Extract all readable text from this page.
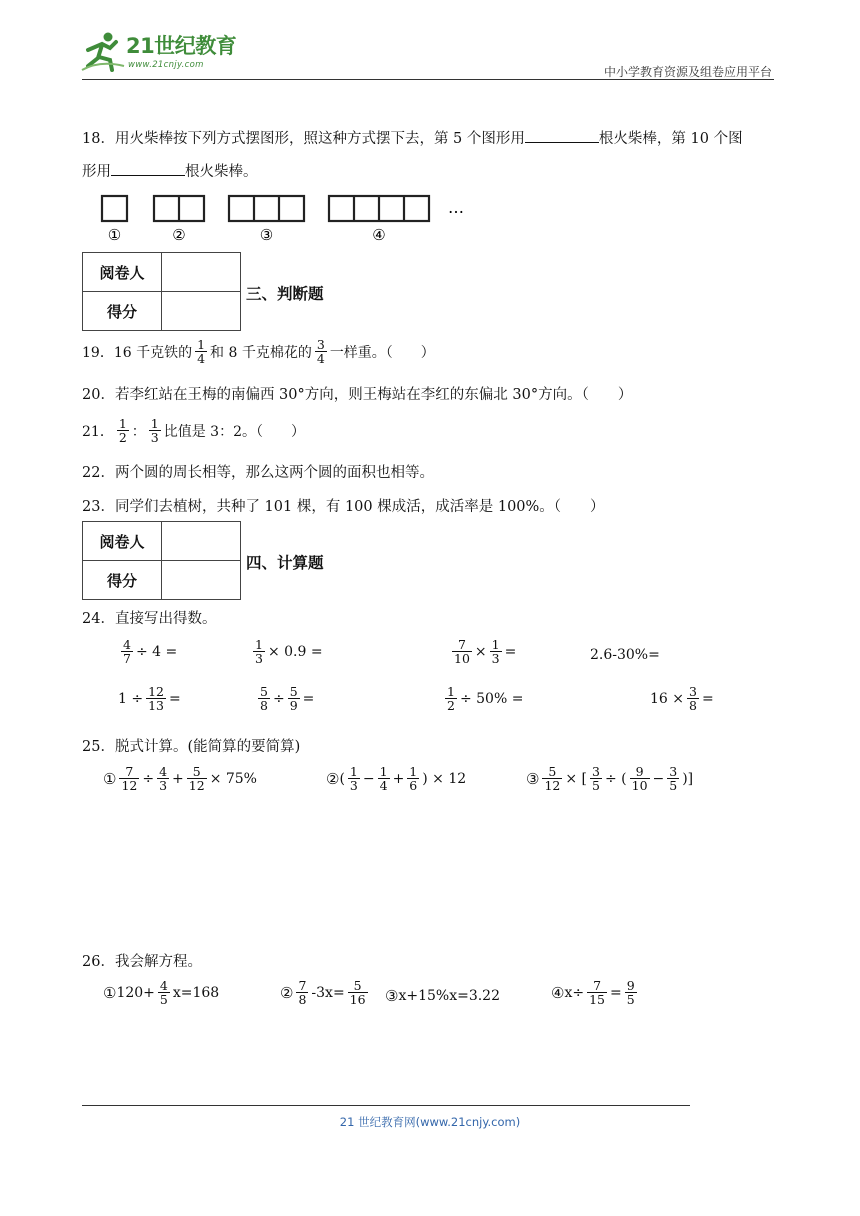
21世纪教育
www.21cnjy.com	中小学教育资源及组卷应用平台
18．用火柴棒按下列方式摆图形，照这种方式摆下去，第 5 个图形用	根火柴棒，第 10 个图
形用	根火柴棒。
①	②	③	④
…
阅卷人	
得分	
三、判断题
19．16 千克铁的 $\frac{1}{4}$ 和 8 千克棉花的 $\frac{3}{4}$ 一样重。（　　）
20．若李红站在王梅的南偏西 30°方向，则王梅站在李红的东偏北 30°方向。（　　）
21． $\frac{1}{2}$ ： $\frac{1}{3}$ 比值是 3：2。（　　）
22．两个圆的周长相等，那么这两个圆的面积也相等。
23．同学们去植树，共种了 101 棵，有 100 棵成活，成活率是 100%。（　　）
阅卷人	
得分	
四、计算题
24．直接写出得数。
$\frac{4}{7} \div 4$ =	$\frac{1}{3} \times 0.9$ =	$\frac{7}{10} \times \frac{1}{3}$ =	2.6-30%=
$1 \div \frac{12}{13}$ =	$\frac{5}{8} \div \frac{5}{9}$ =	$\frac{1}{2} \div 50\%$ =	$16 \times \frac{3}{8}$ =
25．脱式计算。(能简算的要简算)
① $\frac{7}{12} \div \frac{4}{3} + \frac{5}{12} \times 75\%$	② ( $\frac{1}{3} - \frac{1}{4} + \frac{1}{6}$ ) × 12	③ $\frac{5}{12}$ × [ $\frac{3}{5}$ ÷ ( $\frac{9}{10} - \frac{3}{5}$ )]
26．我会解方程。
① $120+ \frac{4}{5} x=168$	② $\frac{7}{8} -3x= \frac{5}{16}$ ③ x+15%x=3.22	④ $x\div \frac{7}{15} = \frac{9}{5}$
21 世纪教育网(www.21cnjy.com)
